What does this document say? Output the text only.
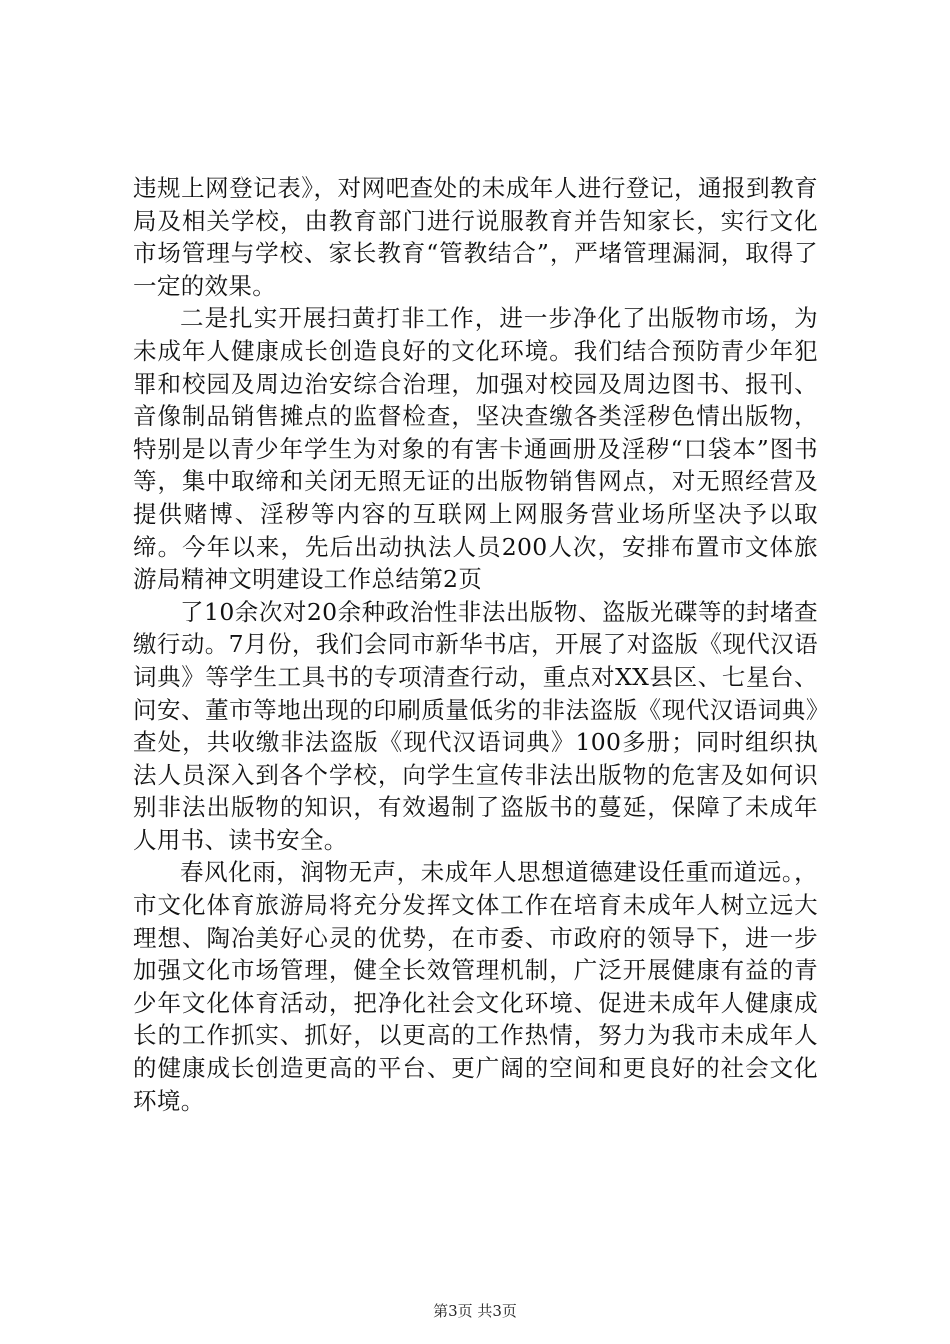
违规上网登记表》，对网吧查处的未成年人进行登记，通报到教育局及相关学校，由教育部门进行说服教育并告知家长，实行文化市场管理与学校、家长教育“管教结合”，严堵管理漏洞，取得了一定的效果。

二是扎实开展扫黄打非工作，进一步净化了出版物市场，为未成年人健康成长创造良好的文化环境。我们结合预防青少年犯罪和校园及周边治安综合治理，加强对校园及周边图书、报刊、音像制品销售摊点的监督检查，坚决查缴各类淫秽色情出版物，特别是以青少年学生为对象的有害卡通画册及淫秽“口袋本”图书等，集中取缔和关闭无照无证的出版物销售网点，对无照经营及提供赌博、淫秽等内容的互联网上网服务营业场所坚决予以取缔。今年以来，先后出动执法人员200人次，安排布置市文体旅游局精神文明建设工作总结第2页

了10余次对20余种政治性非法出版物、盗版光碟等的封堵查缴行动。7月份，我们会同市新华书店，开展了对盗版《现代汉语词典》等学生工具书的专项清查行动，重点对XX县区、七星台、问安、董市等地出现的印刷质量低劣的非法盗版《现代汉语词典》查处，共收缴非法盗版《现代汉语词典》100多册；同时组织执法人员深入到各个学校，向学生宣传非法出版物的危害及如何识别非法出版物的知识，有效遏制了盗版书的蔓延，保障了未成年人用书、读书安全。

春风化雨，润物无声，未成年人思想道德建设任重而道远。，市文化体育旅游局将充分发挥文体工作在培育未成年人树立远大理想、陶冶美好心灵的优势，在市委、市政府的领导下，进一步加强文化市场管理，健全长效管理机制，广泛开展健康有益的青少年文化体育活动，把净化社会文化环境、促进未成年人健康成长的工作抓实、抓好，以更高的工作热情，努力为我市未成年人的健康成长创造更高的平台、更广阔的空间和更良好的社会文化环境。

第3页 共3页
